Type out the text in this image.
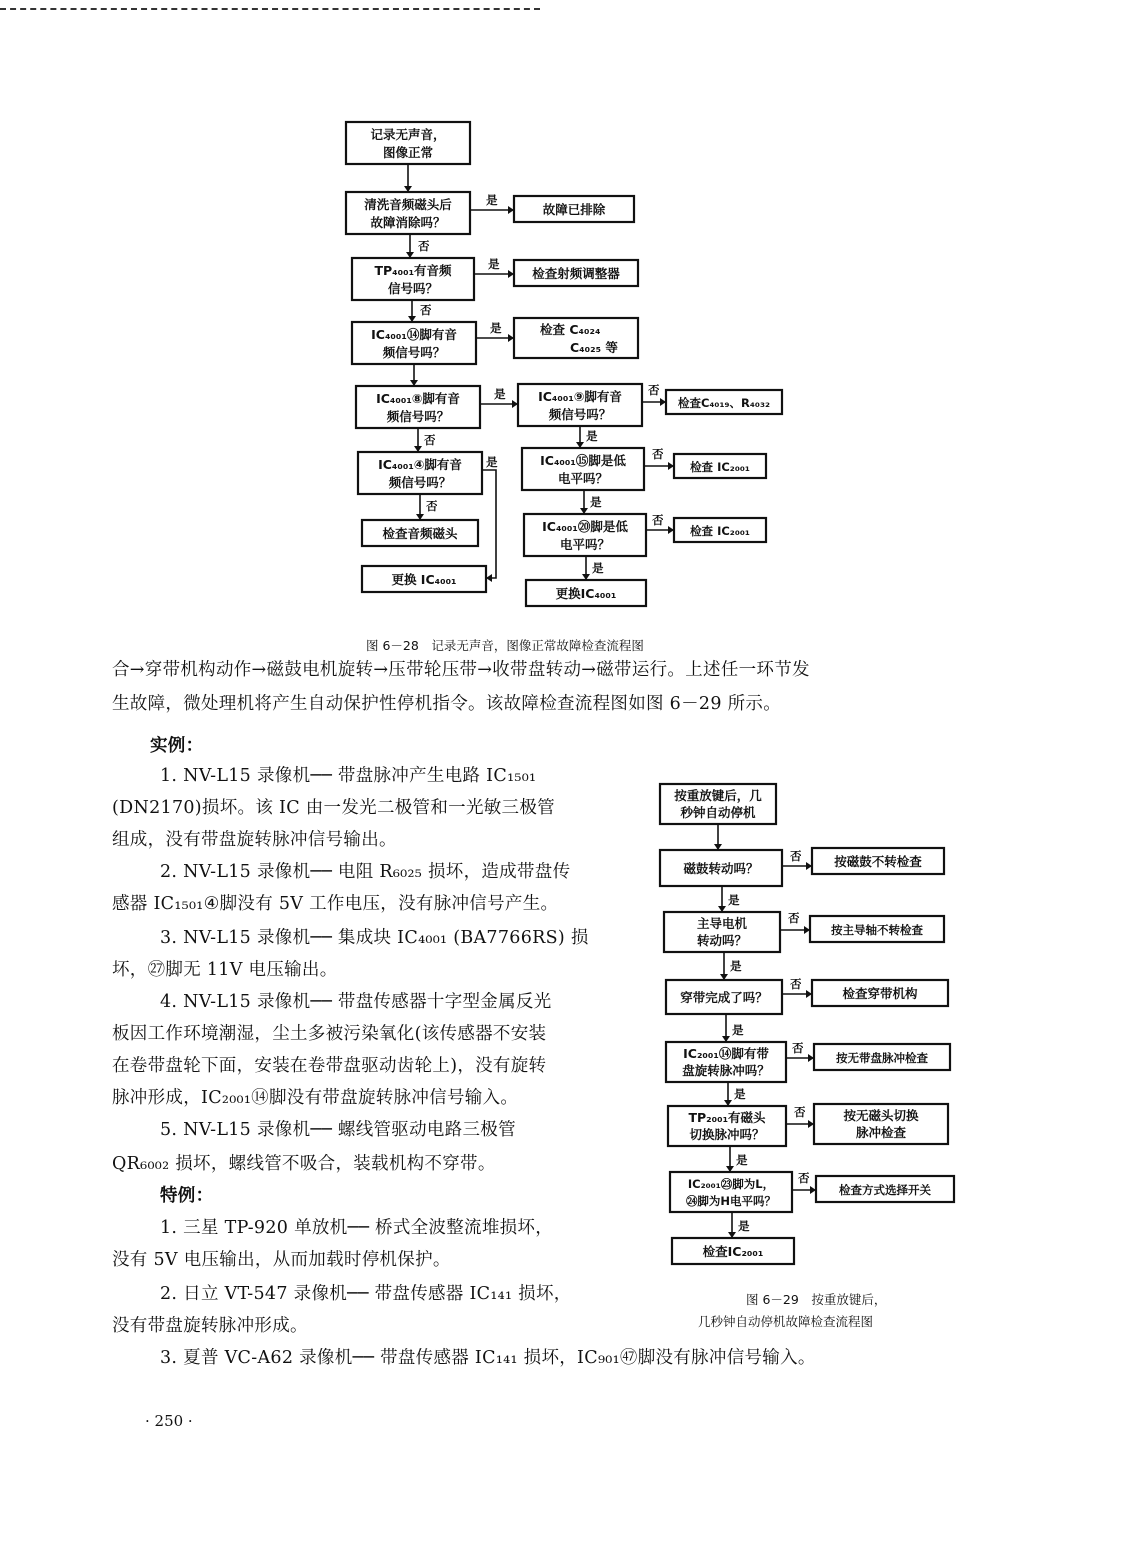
记录无声音，
图像正常
清洗音频磁头后
故障消除吗？
故障已排除
TP₄₀₀₁有音频
信号吗？
检查射频调整器
IC₄₀₀₁⑭脚有音
频信号吗？
检查 C₄₀₂₄
C₄₀₂₅ 等
IC₄₀₀₁⑧脚有音
频信号吗？
IC₄₀₀₁⑨脚有音
频信号吗？
检查C₄₀₁₉、R₄₀₃₂
IC₄₀₀₁④脚有音
频信号吗？
IC₄₀₀₁⑮脚是低
电平吗？
检查 IC₂₀₀₁
检查音频磁头	IC₄₀₀₁⑳脚是低
电平吗？
检查 IC₂₀₀₁
更换 IC₄₀₀₁
更换IC₄₀₀₁
是
否
是
否
是
是	否
否	是
否
是
否	是
否
是
按重放键后，几
秒钟自动停机
磁鼓转动吗？	按磁鼓不转检查
主导电机
转动吗？
按主导轴不转检查
穿带完成了吗？	检查穿带机构
IC₂₀₀₁⑭脚有带
盘旋转脉冲吗？
按无带盘脉冲检查
TP₂₀₀₁有磁头
切换脉冲吗？
按无磁头切换
脉冲检查
IC₂₀₀₁㉓脚为L，
㉔脚为H电平吗？
检查方式选择开关
检查IC₂₀₀₁
否
是
否
是
否
是
否
是
否
是
否
是
图 6－28　记录无声音，图像正常故障检查流程图
合→穿带机构动作→磁鼓电机旋转→压带轮压带→收带盘转动→磁带运行。上述任一环节发
生故障，微处理机将产生自动保护性停机指令。该故障检查流程图如图 6－29 所示。
实例：
1. NV-L15 录像机── 带盘脉冲产生电路 IC₁₅₀₁
(DN2170)损坏。该 IC 由一发光二极管和一光敏三极管
组成，没有带盘旋转脉冲信号输出。
2. NV-L15 录像机── 电阻 R₆₀₂₅ 损坏，造成带盘传
感器 IC₁₅₀₁④脚没有 5V 工作电压，没有脉冲信号产生。
3. NV-L15 录像机── 集成块 IC₄₀₀₁ (BA7766RS) 损
坏，㉗脚无 11V 电压输出。
4. NV-L15 录像机── 带盘传感器十字型金属反光
板因工作环境潮湿，尘土多被污染氧化(该传感器不安装
在卷带盘轮下面，安装在卷带盘驱动齿轮上)，没有旋转
脉冲形成，IC₂₀₀₁⑭脚没有带盘旋转脉冲信号输入。
5. NV-L15 录像机── 螺线管驱动电路三极管
QR₆₀₀₂ 损坏，螺线管不吸合，装载机构不穿带。
特例：
1. 三星 TP-920 单放机── 桥式全波整流堆损坏，
没有 5V 电压输出，从而加载时停机保护。
2. 日立 VT-547 录像机── 带盘传感器 IC₁₄₁ 损坏，
没有带盘旋转脉冲形成。
3. 夏普 VC-A62 录像机── 带盘传感器 IC₁₄₁ 损坏，IC₉₀₁㊼脚没有脉冲信号输入。
图 6－29　按重放键后，
几秒钟自动停机故障检查流程图
· 250 ·
